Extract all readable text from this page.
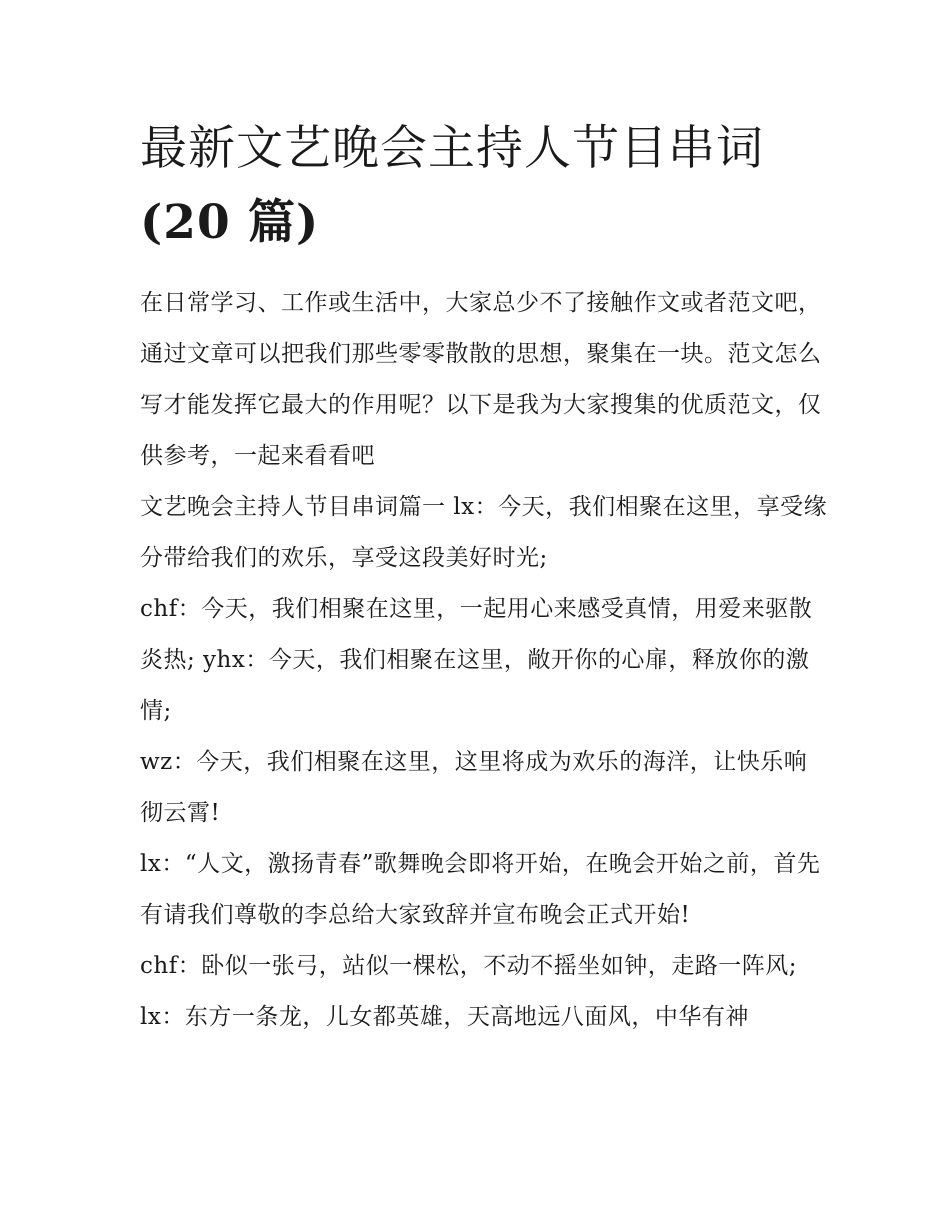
最新文艺晚会主持人节目串词
(20 篇)

在日常学习、工作或生活中，大家总少不了接触作文或者范文吧，通过文章可以把我们那些零零散散的思想，聚集在一块。范文怎么写才能发挥它最大的作用呢？以下是我为大家搜集的优质范文，仅供参考，一起来看看吧

文艺晚会主持人节目串词篇一 lx：今天，我们相聚在这里，享受缘分带给我们的欢乐，享受这段美好时光;

chf：今天，我们相聚在这里，一起用心来感受真情，用爱来驱散炎热; yhx：今天，我们相聚在这里，敞开你的心扉，释放你的激情;

wz：今天，我们相聚在这里，这里将成为欢乐的海洋，让快乐响彻云霄!

lx：“人文，激扬青春”歌舞晚会即将开始，在晚会开始之前，首先有请我们尊敬的李总给大家致辞并宣布晚会正式开始!

chf：卧似一张弓，站似一棵松，不动不摇坐如钟，走路一阵风;

lx：东方一条龙，儿女都英雄，天高地远八面风，中华有神
